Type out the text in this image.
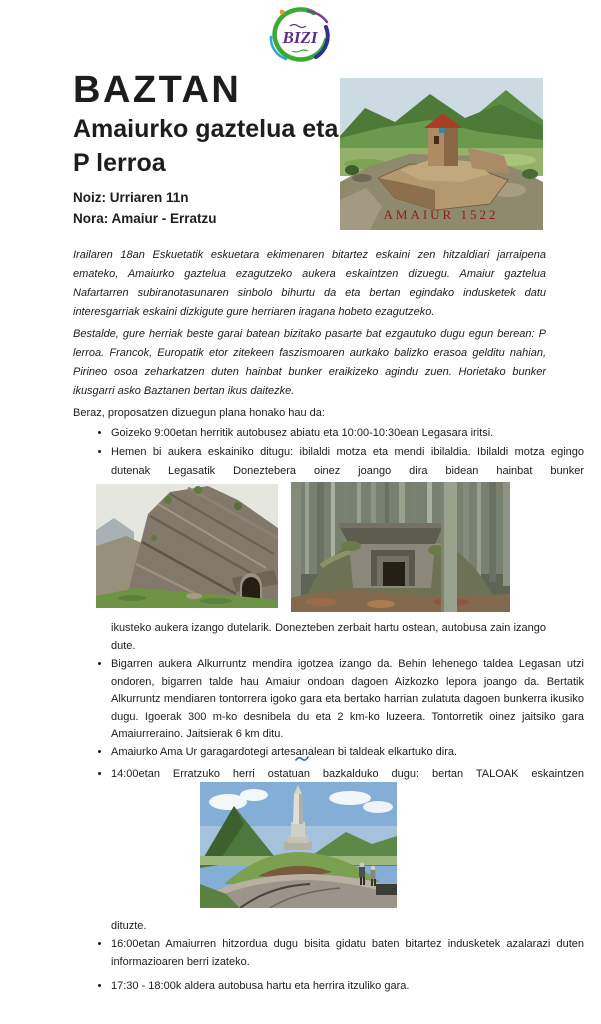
BIZI
BAZTAN
Amaiurko gaztelua eta
P lerroa
Noiz: Urriaren 11n
Nora: Amaiur - Erratzu	AMAIUR 1522
Irailaren 18an Eskuetatik eskuetara ekimenaren bitartez eskaini zen hitzaldiari jarraipena emateko, Amaiurko gaztelua ezagutzeko aukera eskaintzen dizuegu. Amaiur gaztelua Nafartarren subiranotasunaren sinbolo bihurtu da eta bertan egindako indusketek datu interesgarriak eskaini dizkigute gure herriaren iragana hobeto ezagutzeko.
Bestalde, gure herriak beste garai batean bizitako pasarte bat ezgautuko dugu egun berean: P lerroa. Francok, Europatik etor zitekeen faszismoaren aurkako balizko erasoa gelditu nahian, Pirineo osoa zeharkatzen duten hainbat bunker eraikizeko agindu zuen. Horietako bunker ikusgarri asko Baztanen bertan ikus daitezke.
Beraz, proposatzen dizuegun plana honako hau da:
• Goizeko 9:00etan herritik autobusez abiatu eta 10:00-10:30ean Legasara iritsi.
• Hemen bi aukera eskainiko ditugu: ibilaldi motza eta mendi ibilaldia. Ibilaldi motza egingo dutenak Legasatik Doneztebera oinez joango dira bidean hainbat bunker
ikusteko aukera izango dutelarik. Donezteben zerbait hartu ostean, autobusa zain izango dute.
• Bigarren aukera Alkurruntz mendira igotzea izango da. Behin lehenego taldea Legasan utzi ondoren, bigarren talde hau Amaiur ondoan dagoen Aizkozko lepora joango da. Bertatik Alkurruntz mendiaren tontorrera igoko gara eta bertako harrian zulatuta dagoen bunkerra ikusiko dugu. Igoerak 300 m-ko desnibela du eta 2 km-ko luzeera. Tontorretik oinez jaitsiko gara Amaiurreraino. Jaitsierak 6 km ditu.
• Amaiurko Ama Ur garagardotegi artesanalean bi taldeak elkartuko dira.
• 14:00etan Erratzuko herri ostatuan bazkalduko dugu: bertan TALOAK eskaintzen
dituzte.
• 16:00etan Amaiurren hitzordua dugu bisita gidatu baten bitartez indusketek azalarazi duten informazioaren berri izateko.
• 17:30 - 18:00k aldera autobusa hartu eta herrira itzuliko gara.
